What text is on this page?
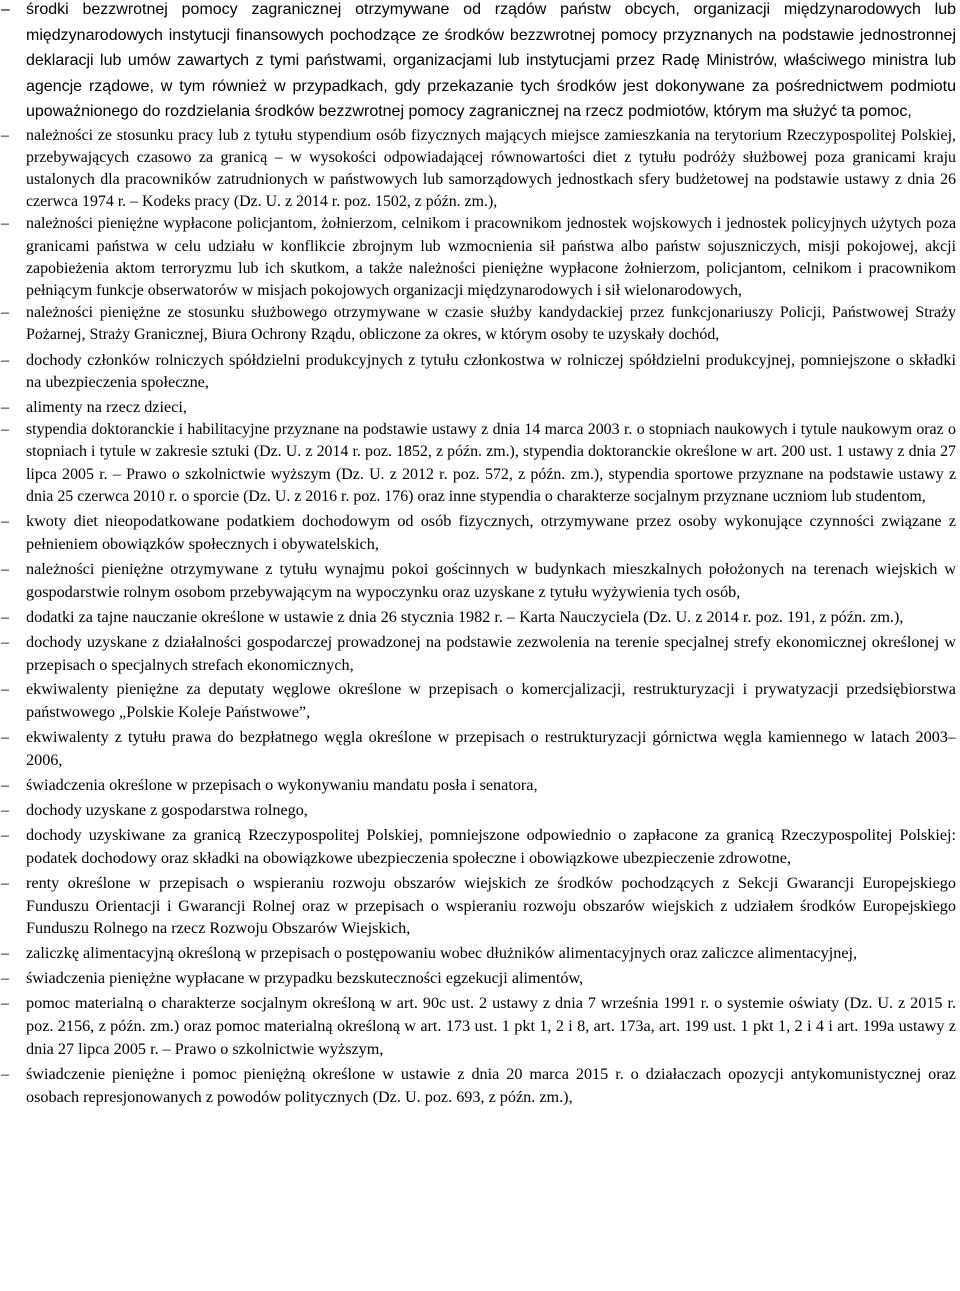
– środki bezzwrotnej pomocy zagranicznej otrzymywane od rządów państw obcych, organizacji międzynarodowych lub międzynarodowych instytucji finansowych pochodzące ze środków bezzwrotnej pomocy przyznanych na podstawie jednostronnej deklaracji lub umów zawartych z tymi państwami, organizacjami lub instytucjami przez Radę Ministrów, właściwego ministra lub agencje rządowe, w tym również w przypadkach, gdy przekazanie tych środków jest dokonywane za pośrednictwem podmiotu upoważnionego do rozdzielania środków bezzwrotnej pomocy zagranicznej na rzecz podmiotów, którym ma służyć ta pomoc,

– należności ze stosunku pracy lub z tytułu stypendium osób fizycznych mających miejsce zamieszkania na terytorium Rzeczypospolitej Polskiej, przebywających czasowo za granicą – w wysokości odpowiadającej równowartości diet z tytułu podróży służbowej poza granicami kraju ustalonych dla pracowników zatrudnionych w państwowych lub samorządowych jednostkach sfery budżetowej na podstawie ustawy z dnia 26 czerwca 1974 r. – Kodeks pracy (Dz. U. z 2014 r. poz. 1502, z późn. zm.),

– należności pieniężne wypłacone policjantom, żołnierzom, celnikom i pracownikom jednostek wojskowych i jednostek policyjnych użytych poza granicami państwa w celu udziału w konflikcie zbrojnym lub wzmocnienia sił państwa albo państw sojuszniczych, misji pokojowej, akcji zapobieżenia aktom terroryzmu lub ich skutkom, a także należności pieniężne wypłacone żołnierzom, policjantom, celnikom i pracownikom pełniącym funkcje obserwatorów w misjach pokojowych organizacji międzynarodowych i sił wielonarodowych,

– należności pieniężne ze stosunku służbowego otrzymywane w czasie służby kandydackiej przez funkcjonariuszy Policji, Państwowej Straży Pożarnej, Straży Granicznej, Biura Ochrony Rządu, obliczone za okres, w którym osoby te uzyskały dochód,

– dochody członków rolniczych spółdzielni produkcyjnych z tytułu członkostwa w rolniczej spółdzielni produkcyjnej, pomniejszone o składki na ubezpieczenia społeczne,

– alimenty na rzecz dzieci,

– stypendia doktoranckie i habilitacyjne przyznane na podstawie ustawy z dnia 14 marca 2003 r. o stopniach naukowych i tytule naukowym oraz o stopniach i tytule w zakresie sztuki (Dz. U. z 2014 r. poz. 1852, z późn. zm.), stypendia doktoranckie określone w art. 200 ust. 1 ustawy z dnia 27 lipca 2005 r. – Prawo o szkolnictwie wyższym (Dz. U. z 2012 r. poz. 572, z późn. zm.), stypendia sportowe przyznane na podstawie ustawy z dnia 25 czerwca 2010 r. o sporcie (Dz. U. z 2016 r. poz. 176) oraz inne stypendia o charakterze socjalnym przyznane uczniom lub studentom,

– kwoty diet nieopodatkowane podatkiem dochodowym od osób fizycznych, otrzymywane przez osoby wykonujące czynności związane z pełnieniem obowiązków społecznych i obywatelskich,

– należności pieniężne otrzymywane z tytułu wynajmu pokoi gościnnych w budynkach mieszkalnych położonych na terenach wiejskich w gospodarstwie rolnym osobom przebywającym na wypoczynku oraz uzyskane z tytułu wyżywienia tych osób,

– dodatki za tajne nauczanie określone w ustawie z dnia 26 stycznia 1982 r. – Karta Nauczyciela (Dz. U. z 2014 r. poz. 191, z późn. zm.),

– dochody uzyskane z działalności gospodarczej prowadzonej na podstawie zezwolenia na terenie specjalnej strefy ekonomicznej określonej w przepisach o specjalnych strefach ekonomicznych,

– ekwiwalenty pieniężne za deputaty węglowe określone w przepisach o komercjalizacji, restrukturyzacji i prywatyzacji przedsiębiorstwa państwowego „Polskie Koleje Państwowe”,

– ekwiwalenty z tytułu prawa do bezpłatnego węgla określone w przepisach o restrukturyzacji górnictwa węgla kamiennego w latach 2003–2006,

– świadczenia określone w przepisach o wykonywaniu mandatu posła i senatora,

– dochody uzyskane z gospodarstwa rolnego,

– dochody uzyskiwane za granicą Rzeczypospolitej Polskiej, pomniejszone odpowiednio o zapłacone za granicą Rzeczypospolitej Polskiej: podatek dochodowy oraz składki na obowiązkowe ubezpieczenia społeczne i obowiązkowe ubezpieczenie zdrowotne,

– renty określone w przepisach o wspieraniu rozwoju obszarów wiejskich ze środków pochodzących z Sekcji Gwarancji Europejskiego Funduszu Orientacji i Gwarancji Rolnej oraz w przepisach o wspieraniu rozwoju obszarów wiejskich z udziałem środków Europejskiego Funduszu Rolnego na rzecz Rozwoju Obszarów Wiejskich,

– zaliczkę alimentacyjną określoną w przepisach o postępowaniu wobec dłużników alimentacyjnych oraz zaliczce alimentacyjnej,

– świadczenia pieniężne wypłacane w przypadku bezskuteczności egzekucji alimentów,

– pomoc materialną o charakterze socjalnym określoną w art. 90c ust. 2 ustawy z dnia 7 września 1991 r. o systemie oświaty (Dz. U. z 2015 r. poz. 2156, z późn. zm.) oraz pomoc materialną określoną w art. 173 ust. 1 pkt 1, 2 i 8, art. 173a, art. 199 ust. 1 pkt 1, 2 i 4 i art. 199a ustawy z dnia 27 lipca 2005 r. – Prawo o szkolnictwie wyższym,

– świadczenie pieniężne i pomoc pieniężną określone w ustawie z dnia 20 marca 2015 r. o działaczach opozycji antykomunistycznej oraz osobach represjonowanych z powodów politycznych (Dz. U. poz. 693, z późn. zm.),
